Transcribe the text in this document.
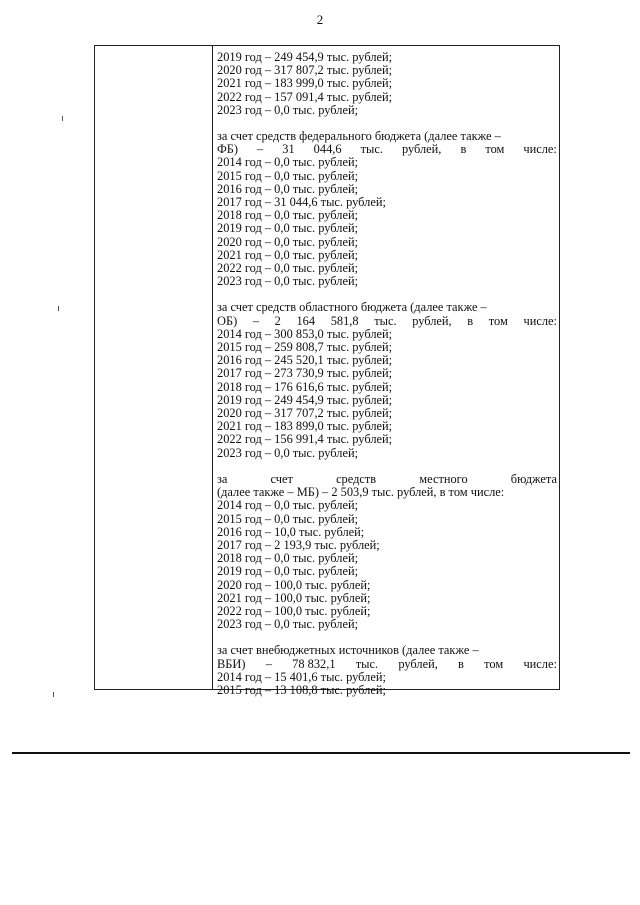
2
2019 год – 249 454,9 тыс. рублей;
2020 год – 317 807,2 тыс. рублей;
2021 год – 183 999,0 тыс. рублей;
2022 год – 157 091,4 тыс. рублей;
2023 год – 0,0 тыс. рублей;
за счет средств федерального бюджета (далее также –
ФБ) – 31 044,6 тыс. рублей, в том числе:
2014 год – 0,0 тыс. рублей;
2015 год – 0,0 тыс. рублей;
2016 год – 0,0 тыс. рублей;
2017 год – 31 044,6 тыс. рублей;
2018 год – 0,0 тыс. рублей;
2019 год – 0,0 тыс. рублей;
2020 год – 0,0 тыс. рублей;
2021 год – 0,0 тыс. рублей;
2022 год – 0,0 тыс. рублей;
2023 год – 0,0 тыс. рублей;
за счет средств областного бюджета (далее также –
ОБ) – 2 164 581,8 тыс. рублей, в том числе:
2014 год – 300 853,0 тыс. рублей;
2015 год – 259 808,7 тыс. рублей;
2016 год – 245 520,1 тыс. рублей;
2017 год – 273 730,9 тыс. рублей;
2018 год – 176 616,6 тыс. рублей;
2019 год – 249 454,9 тыс. рублей;
2020 год – 317 707,2 тыс. рублей;
2021 год – 183 899,0 тыс. рублей;
2022 год – 156 991,4 тыс. рублей;
2023 год – 0,0 тыс. рублей;
за	счет	средств	местного	бюджета
(далее также – МБ) – 2 503,9 тыс. рублей, в том числе:
2014 год – 0,0 тыс. рублей;
2015 год – 0,0 тыс. рублей;
2016 год – 10,0 тыс. рублей;
2017 год – 2 193,9 тыс. рублей;
2018 год – 0,0 тыс. рублей;
2019 год – 0,0 тыс. рублей;
2020 год – 100,0 тыс. рублей;
2021 год – 100,0 тыс. рублей;
2022 год – 100,0 тыс. рублей;
2023 год – 0,0 тыс. рублей;
за счет внебюджетных источников (далее также –
ВБИ) – 78 832,1 тыс. рублей, в том числе:
2014 год – 15 401,6 тыс. рублей;
2015 год – 13 108,8 тыс. рублей;
